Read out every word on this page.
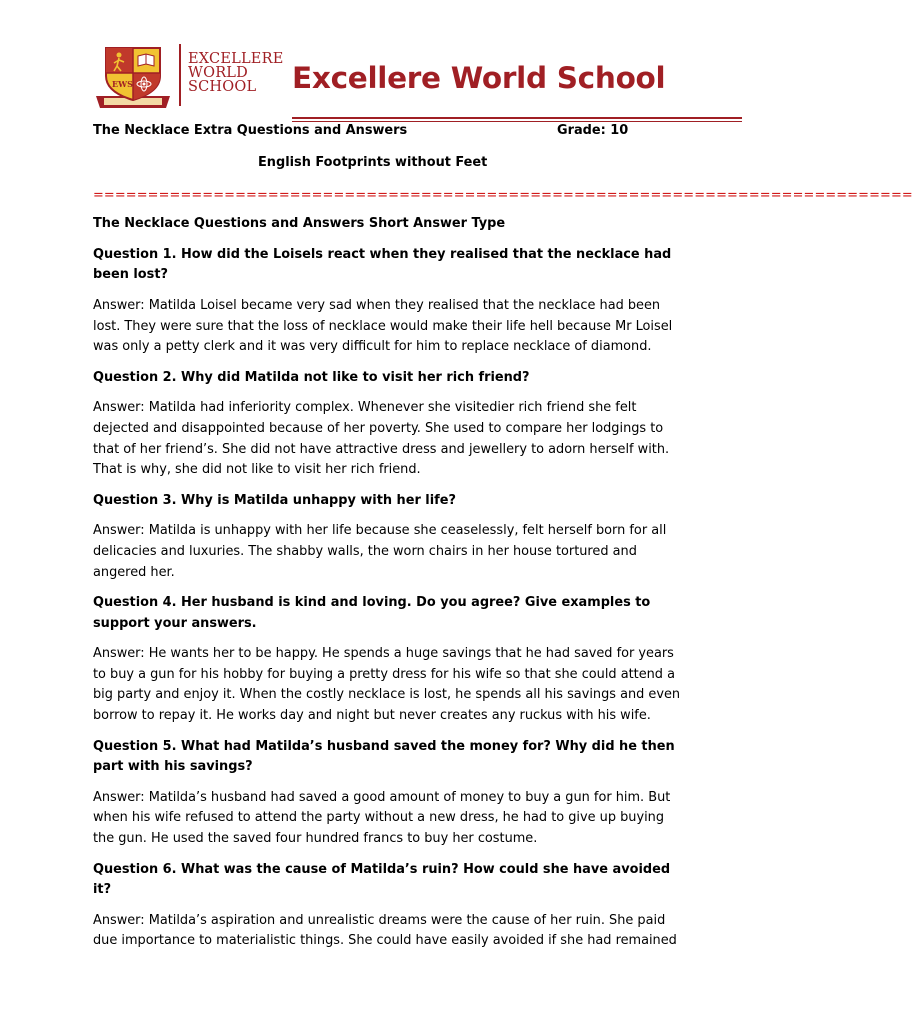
EWS
EXCELLERE
WORLD
SCHOOL	Excellere World School
The Necklace Extra Questions and Answers	Grade: 10

English Footprints without Feet

===========================================================================

The Necklace Questions and Answers Short Answer Type

Question 1. How did the Loisels react when they realised that the necklace had been lost?

Answer: Matilda Loisel became very sad when they realised that the necklace had been lost. They were sure that the loss of necklace would make their life hell because Mr Loisel was only a petty clerk and it was very difficult for him to replace necklace of diamond.

Question 2. Why did Matilda not like to visit her rich friend?

Answer: Matilda had inferiority complex. Whenever she visitedier rich friend she felt dejected and disappointed because of her poverty. She used to compare her lodgings to that of her friend’s. She did not have attractive dress and jewellery to adorn herself with. That is why, she did not like to visit her rich friend.

Question 3. Why is Matilda unhappy with her life?

Answer: Matilda is unhappy with her life because she ceaselessly, felt herself born for all delicacies and luxuries. The shabby walls, the worn chairs in her house tortured and angered her.

Question 4. Her husband is kind and loving. Do you agree? Give examples to support your answers.

Answer: He wants her to be happy. He spends a huge savings that he had saved for years to buy a gun for his hobby for buying a pretty dress for his wife so that she could attend a big party and enjoy it. When the costly necklace is lost, he spends all his savings and even borrow to repay it. He works day and night but never creates any ruckus with his wife.

Question 5. What had Matilda’s husband saved the money for? Why did he then part with his savings?

Answer: Matilda’s husband had saved a good amount of money to buy a gun for him. But when his wife refused to attend the party without a new dress, he had to give up buying the gun. He used the saved four hundred francs to buy her costume.

Question 6. What was the cause of Matilda’s ruin? How could she have avoided it?

Answer: Matilda’s aspiration and unrealistic dreams were the cause of her ruin. She paid due importance to materialistic things. She could have easily avoided if she had remained
